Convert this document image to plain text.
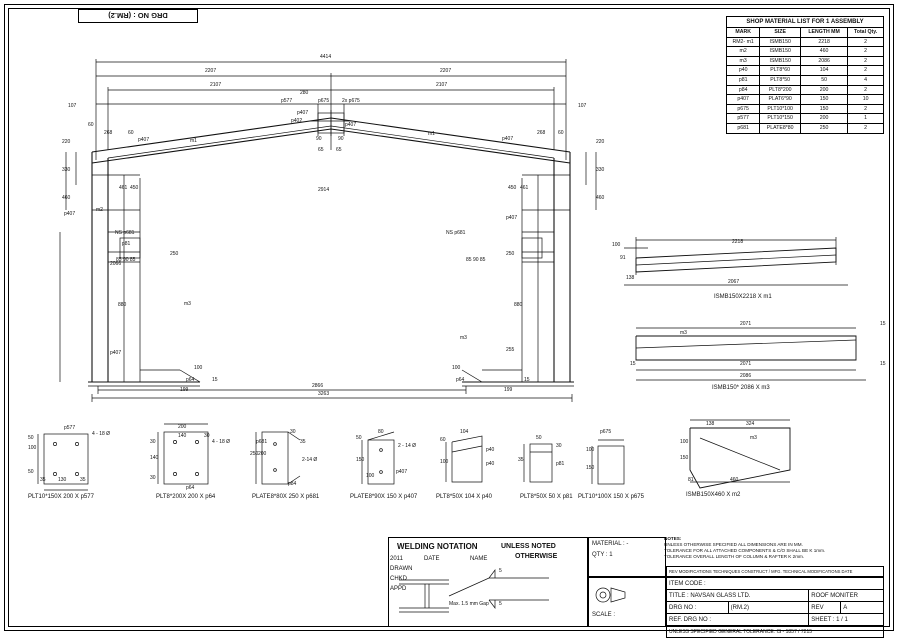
DRG NO : (RM.2)
SHOP MATERIAL LIST FOR 1 ASSEMBLY
MARK	SIZE	LENGTH MM	Total Qty.
RM2- m1	ISMB150	2218	2
m2	ISMB150	460	2
m3	ISMB150	2086	2
p40	PLT8*60	104	2
p81	PLT8*50	50	4
p84	PLT8*200	200	2
p407	PLAT6*90	150	10
p675	PLT10*100	150	2
p577	PLT10*150	200	1
p681	PLATE8*80	250	2
4414
2207	2207
2107	2107
p577
280
p675	2x p675
p402
p407
p407
90	90
65 65
107
60
268	60
p407	m1
220
330
460
p407
m2
450
461
NS p681
p81
85 90 85
2066
880	m3
p407
100
p64
199
15
m1
p407
268	60
107
220
330
460
450 461
p407
NS p681
85 90 85
880
m3
p64
100
199
15
2914
2866
3263
250
255
250
2218
100
91
138
2067
ISMB150X2218 X m1
2071	15
15	2071
2086
15
m3
ISMB150* 2086 X m3
138	324
100
150
460
81
m3
ISMB150X460 X m2
p577
4 - 18 Ø
100
50
50
35 130	35
PLT10*150X 200 X p577
200
140	30
4 - 18 Ø
30
140
30
p64
PLT8*200X 200 X p64
p681
30
35
2-14 Ø
250 200
p84
PLATE8*80X 250 X p681
80
2 - 14 Ø
50
150
100
p407
PLATE8*90X 150 X p407
104
p40
60
100	p40
PLT8*50X 104 X p40
50
30
p81
35
PLT8*50X 50 X p81
p675
100
150
PLT10*100X 150 X p675
NOTES:
UNLESS OTHERWISE SPECIFIED ALL DIMENSIONS ARE IN MM.
TOLERANCE FOR ALL ATTACHED COMPONENTS & C/O SHALL BE K 1mm.
TOLERANCE OVERALL LENGTH OF COLUMN & RAFTER K 2mm.
WELDING NOTATION	UNLESS NOTED
OTHERWISE
5
5
Max. 1.5 mm Gap
MATERIAL : -
QTY : 1
SCALE :
ITEM CODE :			
TITLE : NAVSAN GLASS LTD.		ROOF MONITER	
DRG NO :	(RM.2)	REV	A
REF. DRG NO :		SHEET : 1 / 1	
UNLESS SPECIFIED GENERAL TOLERANCE: IS - 1857 / 7215			
REV MODIFICATIONS TECHNIQUES CONSTRUCT / MFG. TECHNICAL MODIFICATIONS DATE
2011	DATE	NAME
DRAWN
CHKD
APPD
